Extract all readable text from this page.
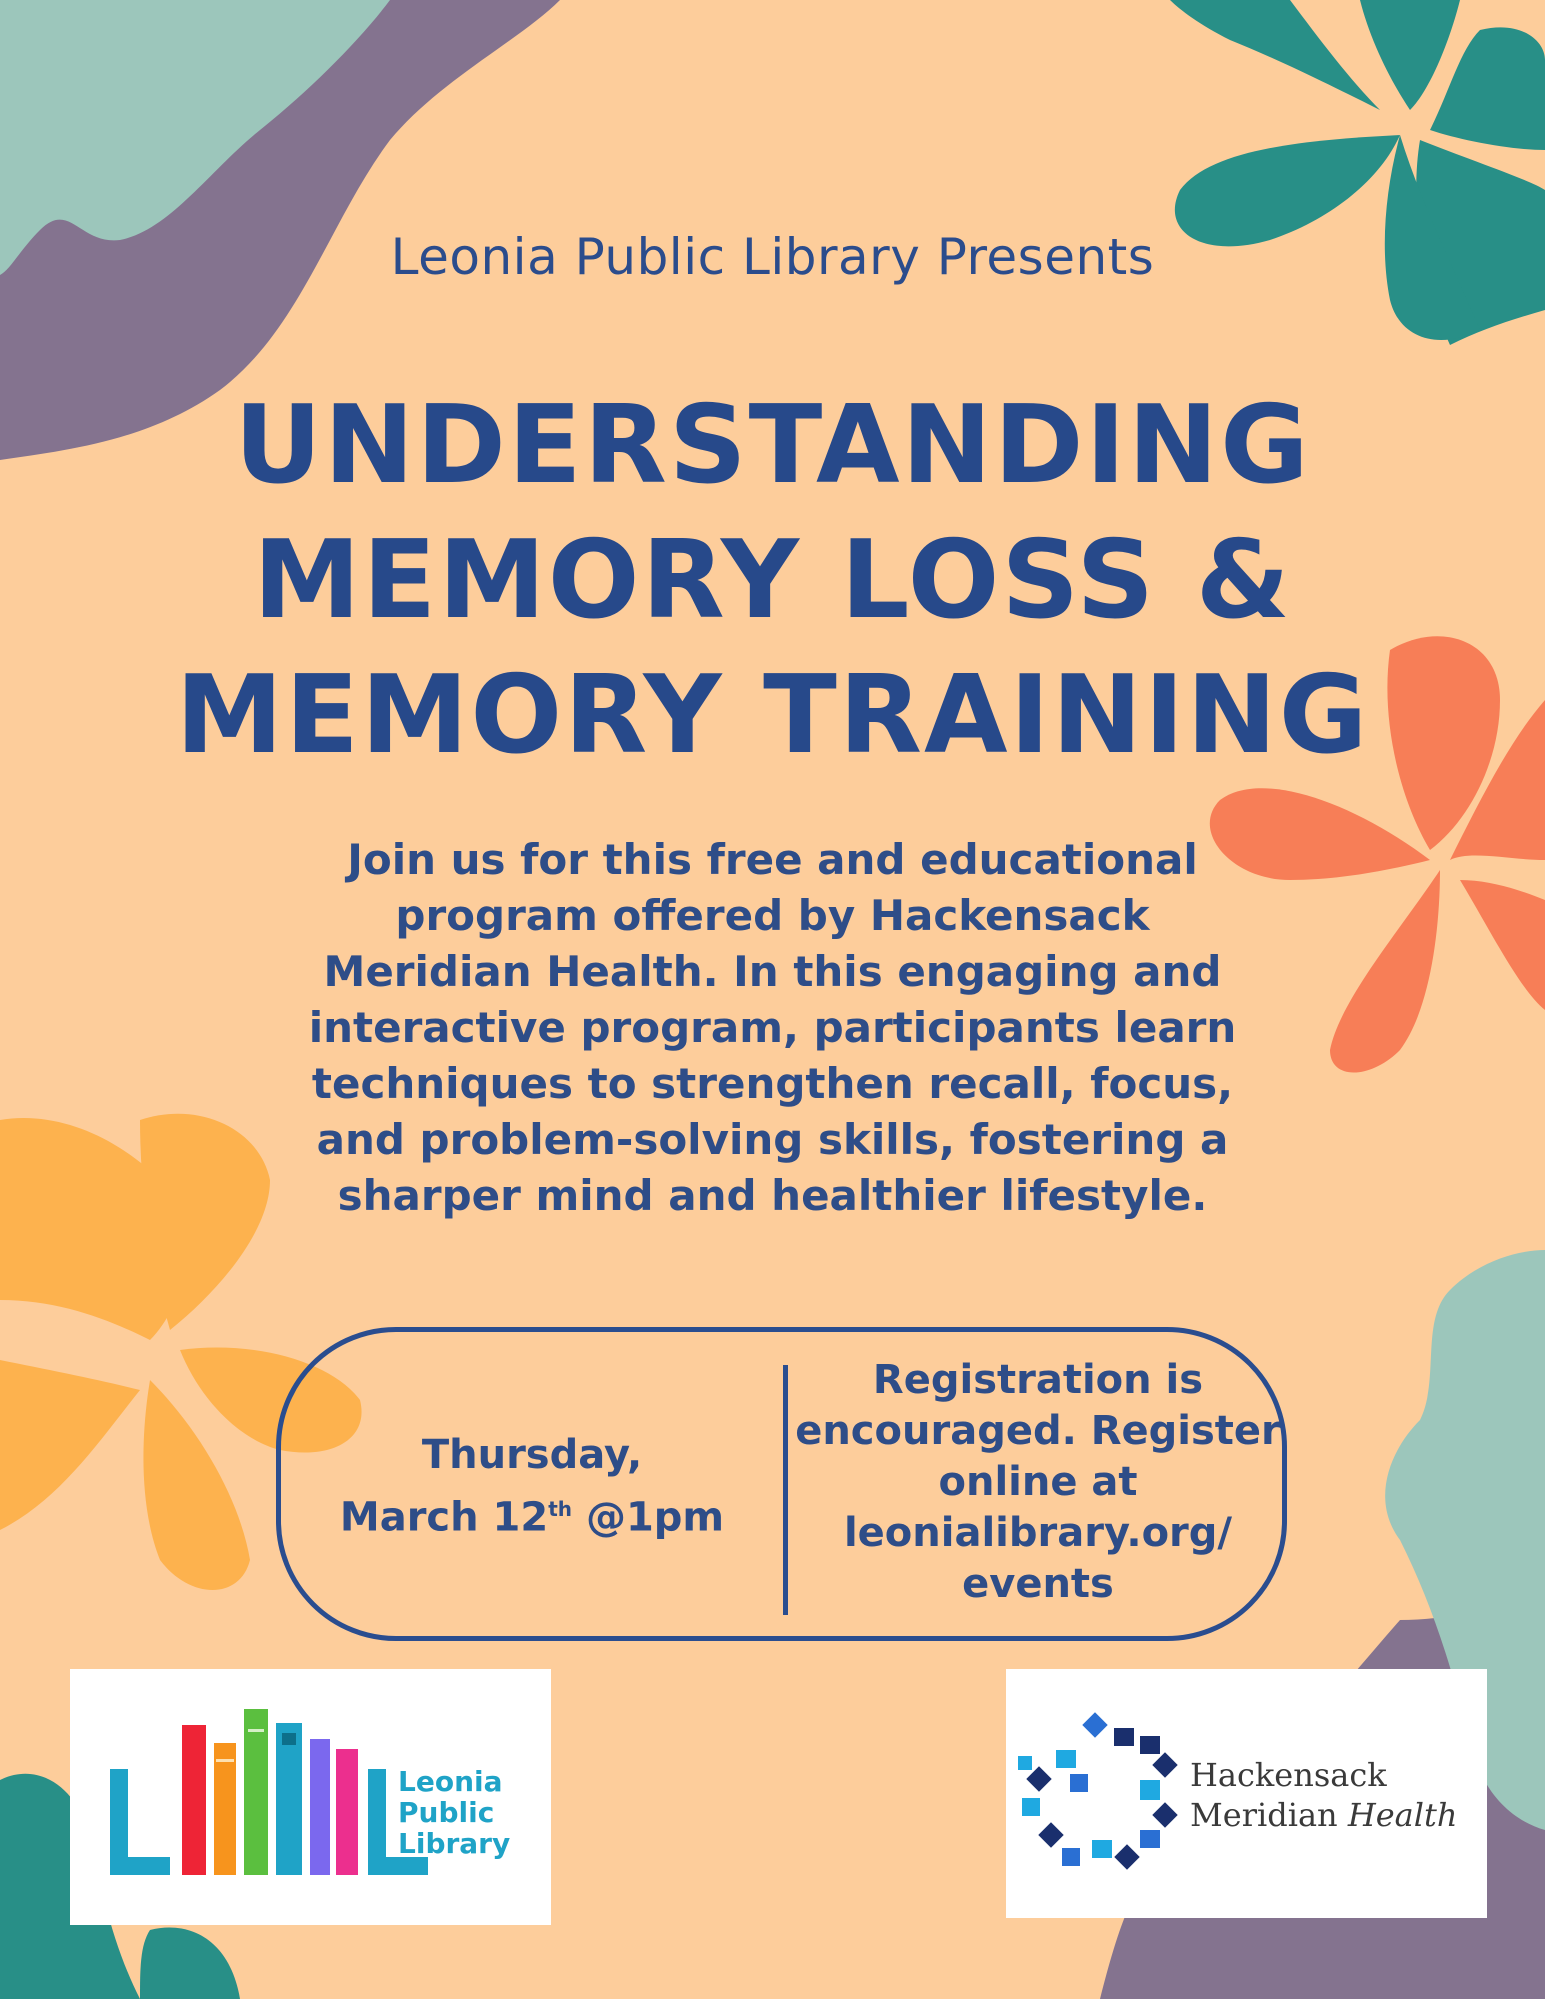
Leonia Public Library Presents
UNDERSTANDING
MEMORY LOSS &
MEMORY TRAINING
Join us for this free and educational
program offered by Hackensack
Meridian Health. In this engaging and
interactive program, participants learn
techniques to strengthen recall, focus,
and problem-solving skills, fostering a
sharper mind and healthier lifestyle.
Thursday,
March 12th @1pm
Registration is
encouraged. Register
online at
leonialibrary.org/
events
Leonia
Public
Library
Hackensack
Meridian Health
